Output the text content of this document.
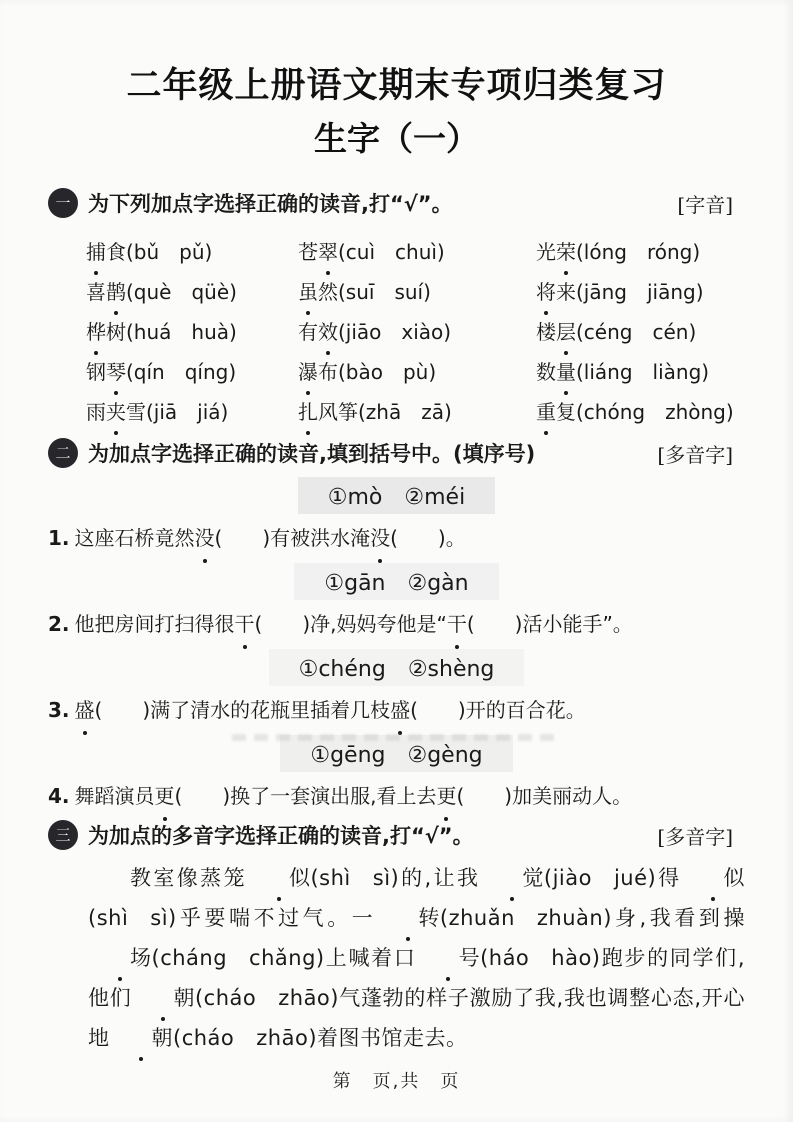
二年级上册语文期末专项归类复习
生字（一）
一 为下列加点字选择正确的读音,打“√”。	[字音]
捕食(bǔ  pǔ)	苍翠(cuì  chuì)	光荣(lóng  róng)
喜鹊(què  qüè)	虽然(suī  suí)	将来(jāng  jiāng)
桦树(huá  huà)	有效(jiāo  xiào)	楼层(céng  cén)
钢琴(qín  qíng)	瀑布(bào  pù)	数量(liáng  liàng)
雨夹雪(jiā  jiá)	扎风筝(zhā  zā)	重复(chóng  zhòng)
二 为加点字选择正确的读音,填到括号中。(填序号)	[多音字]
①mò　②méi
1. 这座石桥竟然没(　　)有被洪水淹没(　　)。
①gān　②gàn
2. 他把房间打扫得很干(　　)净,妈妈夸他是“干(　　)活小能手”。
①chéng　②shèng
3. 盛(　　)满了清水的花瓶里插着几枝盛(　　)开的百合花。
①gēng　②gèng
4. 舞蹈演员更(　　)换了一套演出服,看上去更(　　)加美丽动人。
三 为加点的多音字选择正确的读音,打“√”。	[多音字]

教室像蒸笼 似(shì  sì)的,让我 觉(jiào  jué)得 似(shì  sì)乎要喘不过气。一 转(zhuǎn  zhuàn)身,我看到操场(cháng  chǎng)上喊着口 号(háo  hào)跑步的同学们,他们 朝(cháo  zhāo)气蓬勃的样子激励了我,我也调整心态,开心地 朝(cháo  zhāo)着图书馆走去。

第　页,共　页
